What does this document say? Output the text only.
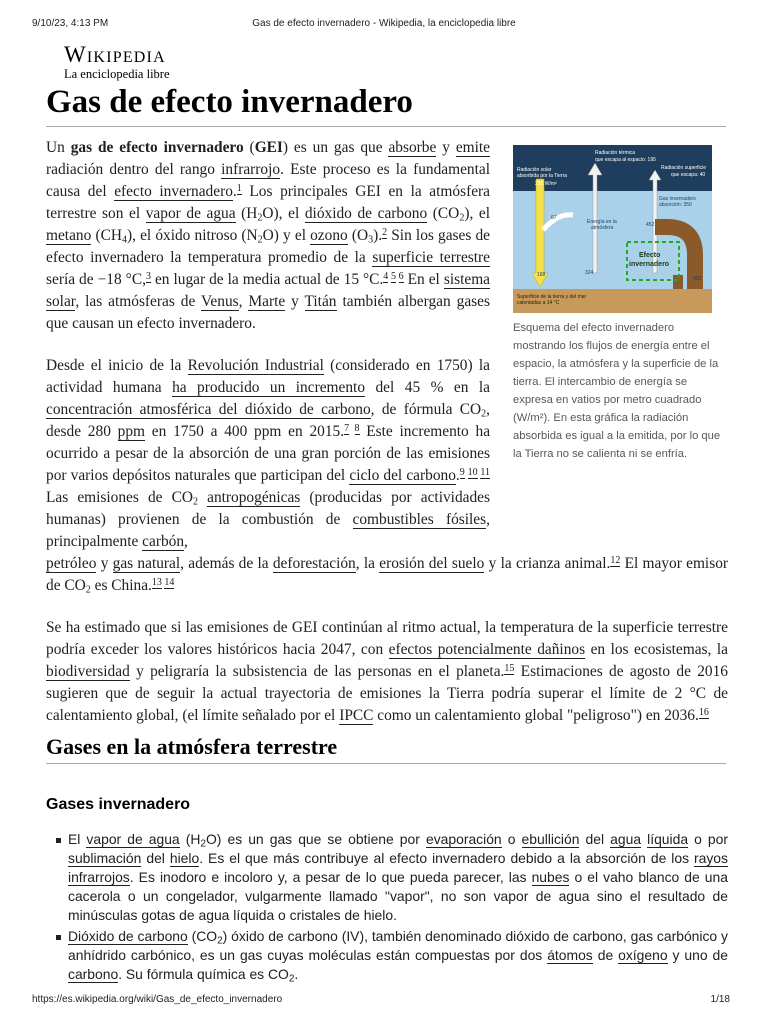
9/10/23, 4:13 PM	Gas de efecto invernadero - Wikipedia, la enciclopedia libre
Wikipedia
La enciclopedia libre
Gas de efecto invernadero
Radiación térmica que escapa al espacio: 195
Radiación solar absorbida por la Tierra 235 W/m² Radiación superficie que escapa: 40
67 Energía en la atmósfera Gas invernadero absorción: 350 452 168	324 492
Efecto invernadero
Superficie de la tierra y del mar calentadas a 14 °C
Esquema del efecto invernadero mostrando los flujos de energía entre el espacio, la atmósfera y la superficie de la tierra. El intercambio de energía se expresa en vatios por metro cuadrado (W/m²). En esta gráfica la radiación absorbida es igual a la emitida, por lo que la Tierra no se calienta ni se enfría.

Un gas de efecto invernadero (GEI) es un gas que absorbe y emite radiación dentro del rango infrarrojo. Este proceso es la fundamental causa del efecto invernadero.$^1$ Los principales GEI en la atmósfera terrestre son el vapor de agua $(H_2O)$, el dióxido de carbono $(CO_2)$, el metano $(CH_4)$, el óxido nitroso $(N_2O)$ y el ozono $(O_3).^2$ Sin los gases de efecto invernadero la temperatura promedio de la superficie terrestre sería de −18 °C,$^3$ en lugar de la media actual de 15 °C.$^{4 5 6}$ En el sistema solar, las atmósferas de Venus, Marte y Titán también albergan gases que causan un efecto invernadero.

Desde el inicio de la Revolución Industrial (considerado en 1750) la actividad humana ha producido un incremento del 45 % en la concentración atmosférica del dióxido de carbono, de fórmula $CO_2$, desde 280 ppm en 1750 a 400 ppm en 2015.$^{7 8}$ Este incremento ha ocurrido a pesar de la absorción de una gran porción de las emisiones por varios depósitos naturales que participan del ciclo del carbono.$^{9 10 11}$ Las emisiones de $CO_2$ antropogénicas (producidas por actividades humanas) provienen de la combustión de combustibles fósiles, principalmente carbón,

petróleo y gas natural, además de la deforestación, la erosión del suelo y la crianza animal.$^{12}$ El mayor emisor de $CO_2$ es China.$^{13 14}$

Se ha estimado que si las emisiones de GEI continúan al ritmo actual, la temperatura de la superficie terrestre podría exceder los valores históricos hacia 2047, con efectos potencialmente dañinos en los ecosistemas, la biodiversidad y peligraría la subsistencia de las personas en el planeta.$^{15}$ Estimaciones de agosto de 2016 sugieren que de seguir la actual trayectoria de emisiones la Tierra podría superar el límite de 2 °C de calentamiento global, (el límite señalado por el IPCC como un calentamiento global "peligroso") en 2036.16

Gases en la atmósfera terrestre
Gases invernadero
El vapor de agua $(H_2O)$ es un gas que se obtiene por evaporación o ebullición del agua líquida o por sublimación del hielo. Es el que más contribuye al efecto invernadero debido a la absorción de los rayos infrarrojos. Es inodoro e incoloro y, a pesar de lo que pueda parecer, las nubes o el vaho blanco de una cacerola o un congelador, vulgarmente llamado "vapor", no son vapor de agua sino el resultado de minúsculas gotas de agua líquida o cristales de hielo.
Dióxido de carbono $(CO_2)$ óxido de carbono (IV), también denominado dióxido de carbono, gas carbónico y anhídrido carbónico, es un gas cuyas moléculas están compuestas por dos átomos de oxígeno y uno de carbono. Su fórmula química es $CO_2$.
https://es.wikipedia.org/wiki/Gas_de_efecto_invernadero	1/18
